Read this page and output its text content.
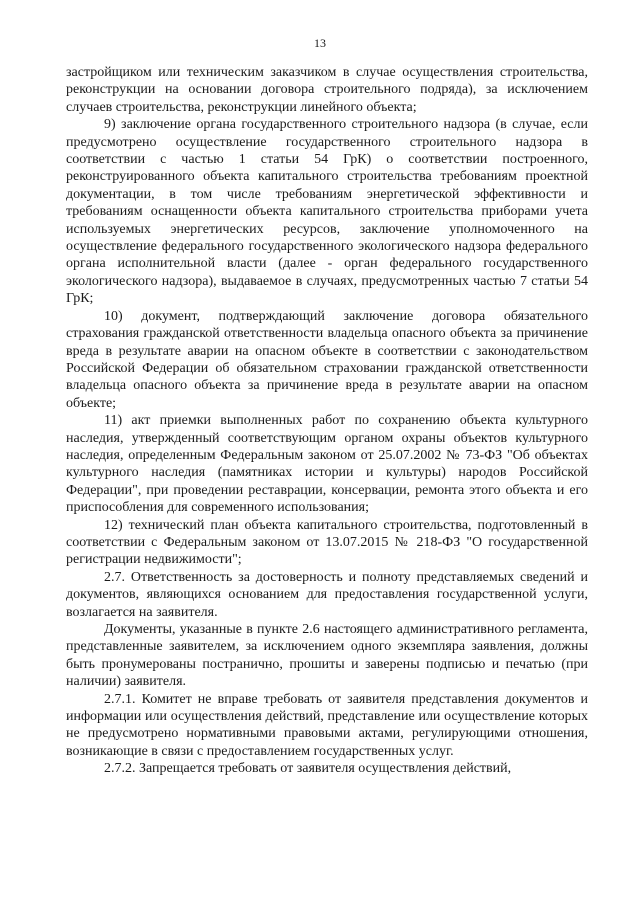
13

застройщиком или техническим заказчиком в случае осуществления строительства, реконструкции на основании договора строительного подряда), за исключением случаев строительства, реконструкции линейного объекта;

9) заключение органа государственного строительного надзора (в случае, если предусмотрено осуществление государственного строительного надзора в соответствии с частью 1 статьи 54 ГрК) о соответствии построенного, реконструированного объекта капитального строительства требованиям проектной документации, в том числе требованиям энергетической эффективности и требованиям оснащенности объекта капитального строительства приборами учета используемых энергетических ресурсов, заключение уполномоченного на осуществление федерального государственного экологического надзора федерального органа исполнительной власти (далее - орган федерального государственного экологического надзора), выдаваемое в случаях, предусмотренных частью 7 статьи 54 ГрК;

10) документ, подтверждающий заключение договора обязательного страхования гражданской ответственности владельца опасного объекта за причинение вреда в результате аварии на опасном объекте в соответствии с законодательством Российской Федерации об обязательном страховании гражданской ответственности владельца опасного объекта за причинение вреда в результате аварии на опасном объекте;

11) акт приемки выполненных работ по сохранению объекта культурного наследия, утвержденный соответствующим органом охраны объектов культурного наследия, определенным Федеральным законом от 25.07.2002 № 73-ФЗ "Об объектах культурного наследия (памятниках истории и культуры) народов Российской Федерации", при проведении реставрации, консервации, ремонта этого объекта и его приспособления для современного использования;

12) технический план объекта капитального строительства, подготовленный в соответствии с Федеральным законом от 13.07.2015 № 218-ФЗ "О государственной регистрации недвижимости";

2.7. Ответственность за достоверность и полноту представляемых сведений и документов, являющихся основанием для предоставления государственной услуги, возлагается на заявителя.

Документы, указанные в пункте 2.6 настоящего административного регламента, представленные заявителем, за исключением одного экземпляра заявления, должны быть пронумерованы постранично, прошиты и заверены подписью и печатью (при наличии) заявителя.

2.7.1. Комитет не вправе требовать от заявителя представления документов и информации или осуществления действий, представление или осуществление которых не предусмотрено нормативными правовыми актами, регулирующими отношения, возникающие в связи с предоставлением государственных услуг.

2.7.2. Запрещается требовать от заявителя осуществления действий,
